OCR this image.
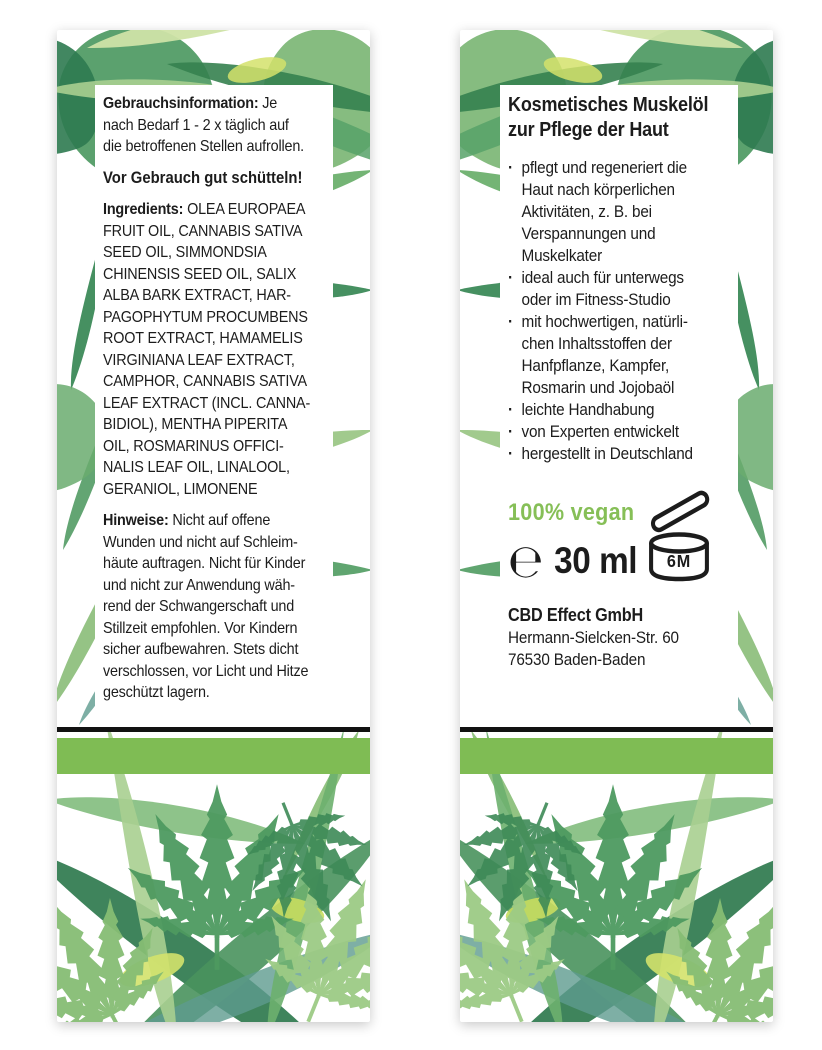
Gebrauchsinformation: Je
nach Bedarf 1 - 2 x täglich auf
die betroffenen Stellen aufrollen.
Vor Gebrauch gut schütteln!
Ingredients: OLEA EUROPAEA
FRUIT OIL, CANNABIS SATIVA
SEED OIL, SIMMONDSIA
CHINENSIS SEED OIL, SALIX
ALBA BARK EXTRACT, HAR-
PAGOPHYTUM PROCUMBENS
ROOT EXTRACT, HAMAMELIS
VIRGINIANA LEAF EXTRACT,
CAMPHOR, CANNABIS SATIVA
LEAF EXTRACT (INCL. CANNA-
BIDIOL), MENTHA PIPERITA
OIL, ROSMARINUS OFFICI-
NALIS LEAF OIL, LINALOOL,
GERANIOL, LIMONENE
Hinweise: Nicht auf offene
Wunden und nicht auf Schleim-
häute auftragen. Nicht für Kinder
und nicht zur Anwendung wäh-
rend der Schwangerschaft und
Stillzeit empfohlen. Vor Kindern
sicher aufbewahren. Stets dicht
verschlossen, vor Licht und Hitze
geschützt lagern.
Kosmetisches Muskelöl
zur Pflege der Haut
· pflegt und regeneriert die
Haut nach körperlichen
Aktivitäten, z. B. bei
Verspannungen und
Muskelkater
· ideal auch für unterwegs
oder im Fitness-Studio
· mit hochwertigen, natürli-
chen Inhaltsstoffen der
Hanfpflanze, Kampfer,
Rosmarin und Jojobaöl
· leichte Handhabung
· von Experten entwickelt
· hergestellt in Deutschland
100% vegan
℮ 30 ml 6M
CBD Effect GmbH
Hermann-Sielcken-Str. 60
76530 Baden-Baden
